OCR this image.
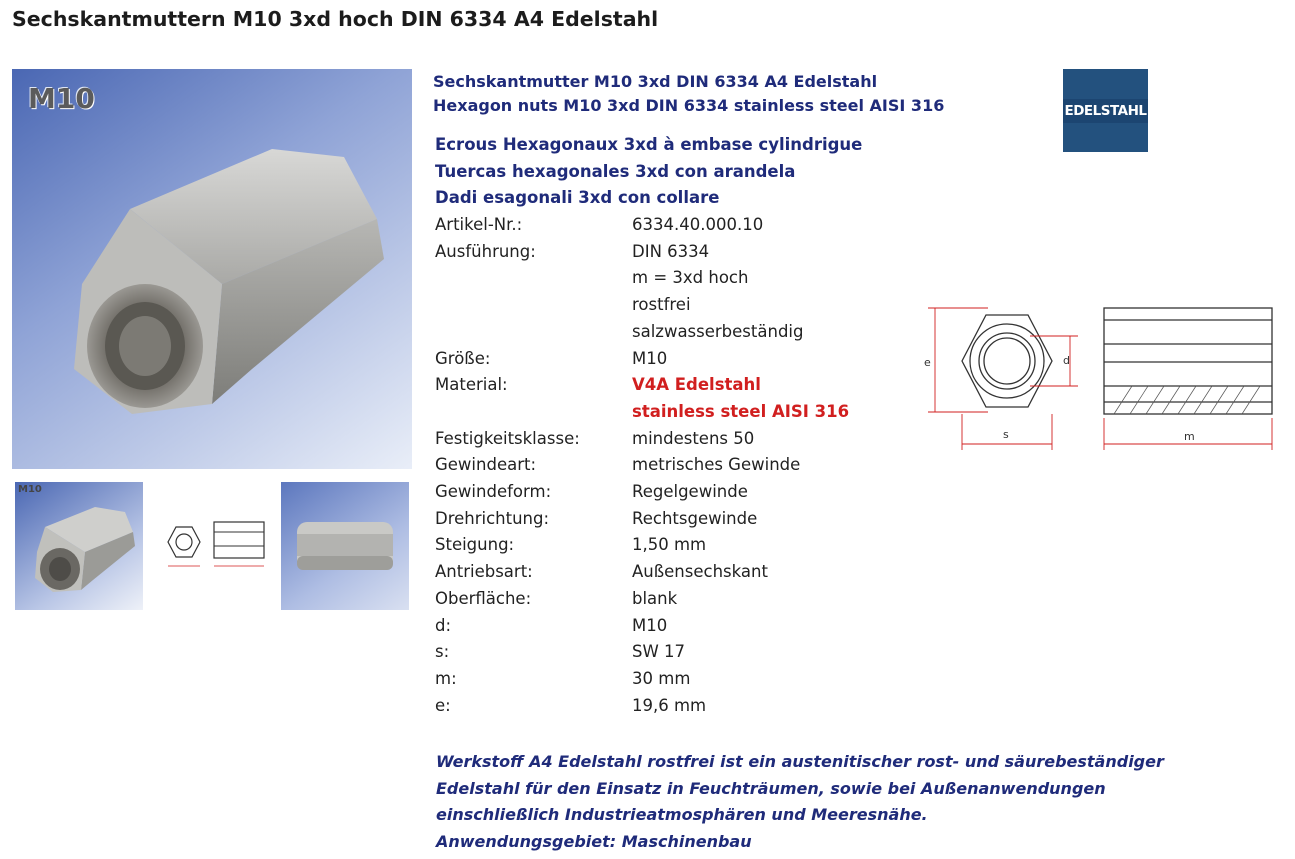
Sechskantmuttern M10 3xd hoch DIN 6334 A4 Edelstahl
M10
M10
Sechskantmutter M10 3xd DIN 6334 A4 Edelstahl
Hexagon nuts M10 3xd DIN 6334 stainless steel AISI 316
Ecrous Hexagonaux 3xd à embase cylindrigue
Tuercas hexagonales 3xd con arandela
Dadi esagonali 3xd con collare
Artikel-Nr.:	6334.40.000.10

Ausführung:	DIN 6334
m = 3xd hoch
rostfrei
salzwasserbeständig

Größe:	M10

Material:	V4A Edelstahl
stainless steel AISI 316

Festigkeitsklasse:	mindestens 50

Gewindeart:	metrisches Gewinde

Gewindeform:	Regelgewinde

Drehrichtung:	Rechtsgewinde

Steigung:	1,50 mm

Antriebsart:	Außensechskant

Oberfläche:	blank

d:	M10

s:	SW 17

m:	30 mm

e:	19,6 mm
EDELSTAHL
e	d
s	m
Werkstoff A4 Edelstahl rostfrei ist ein austenitischer rost- und säurebeständiger
Edelstahl für den Einsatz in Feuchträumen, sowie bei Außenanwendungen
einschließlich Industrieatmosphären und Meeresnähe.
Anwendungsgebiet: Maschinenbau
